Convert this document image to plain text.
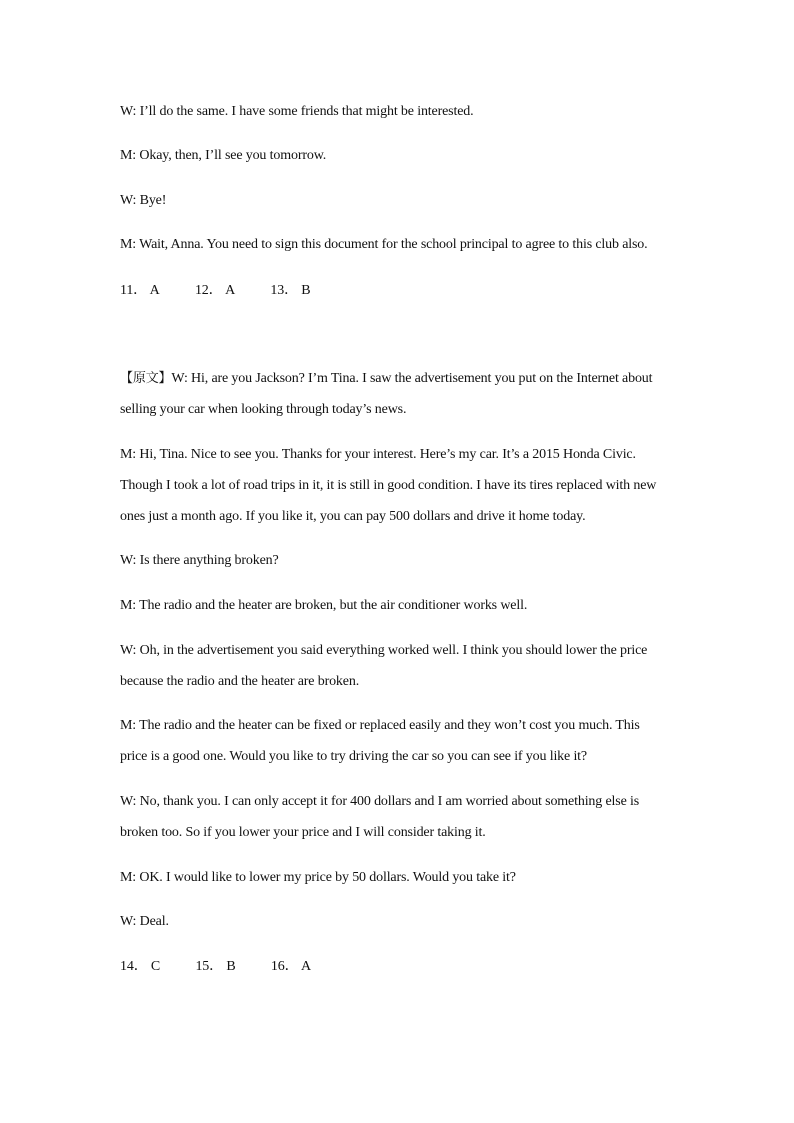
W: I’ll do the same. I have some friends that might be interested.
M: Okay, then, I’ll see you tomorrow.
W: Bye!
M: Wait, Anna. You need to sign this document for the school principal to agree to this club also.
11． A	12． A	13． B
【原文】W: Hi, are you Jackson? I’m Tina. I saw the advertisement you put on the Internet about
selling your car when looking through today’s news.
M: Hi, Tina. Nice to see you. Thanks for your interest. Here’s my car. It’s a 2015 Honda Civic.
Though I took a lot of road trips in it, it is still in good condition. I have its tires replaced with new
ones just a month ago. If you like it, you can pay 500 dollars and drive it home today.
W: Is there anything broken?
M: The radio and the heater are broken, but the air conditioner works well.
W: Oh, in the advertisement you said everything worked well. I think you should lower the price
because the radio and the heater are broken.
M: The radio and the heater can be fixed or replaced easily and they won’t cost you much. This
price is a good one. Would you like to try driving the car so you can see if you like it?
W: No, thank you. I can only accept it for 400 dollars and I am worried about something else is
broken too. So if you lower your price and I will consider taking it.
M: OK. I would like to lower my price by 50 dollars. Would you take it?
W: Deal.
14． C	15． B	16． A
